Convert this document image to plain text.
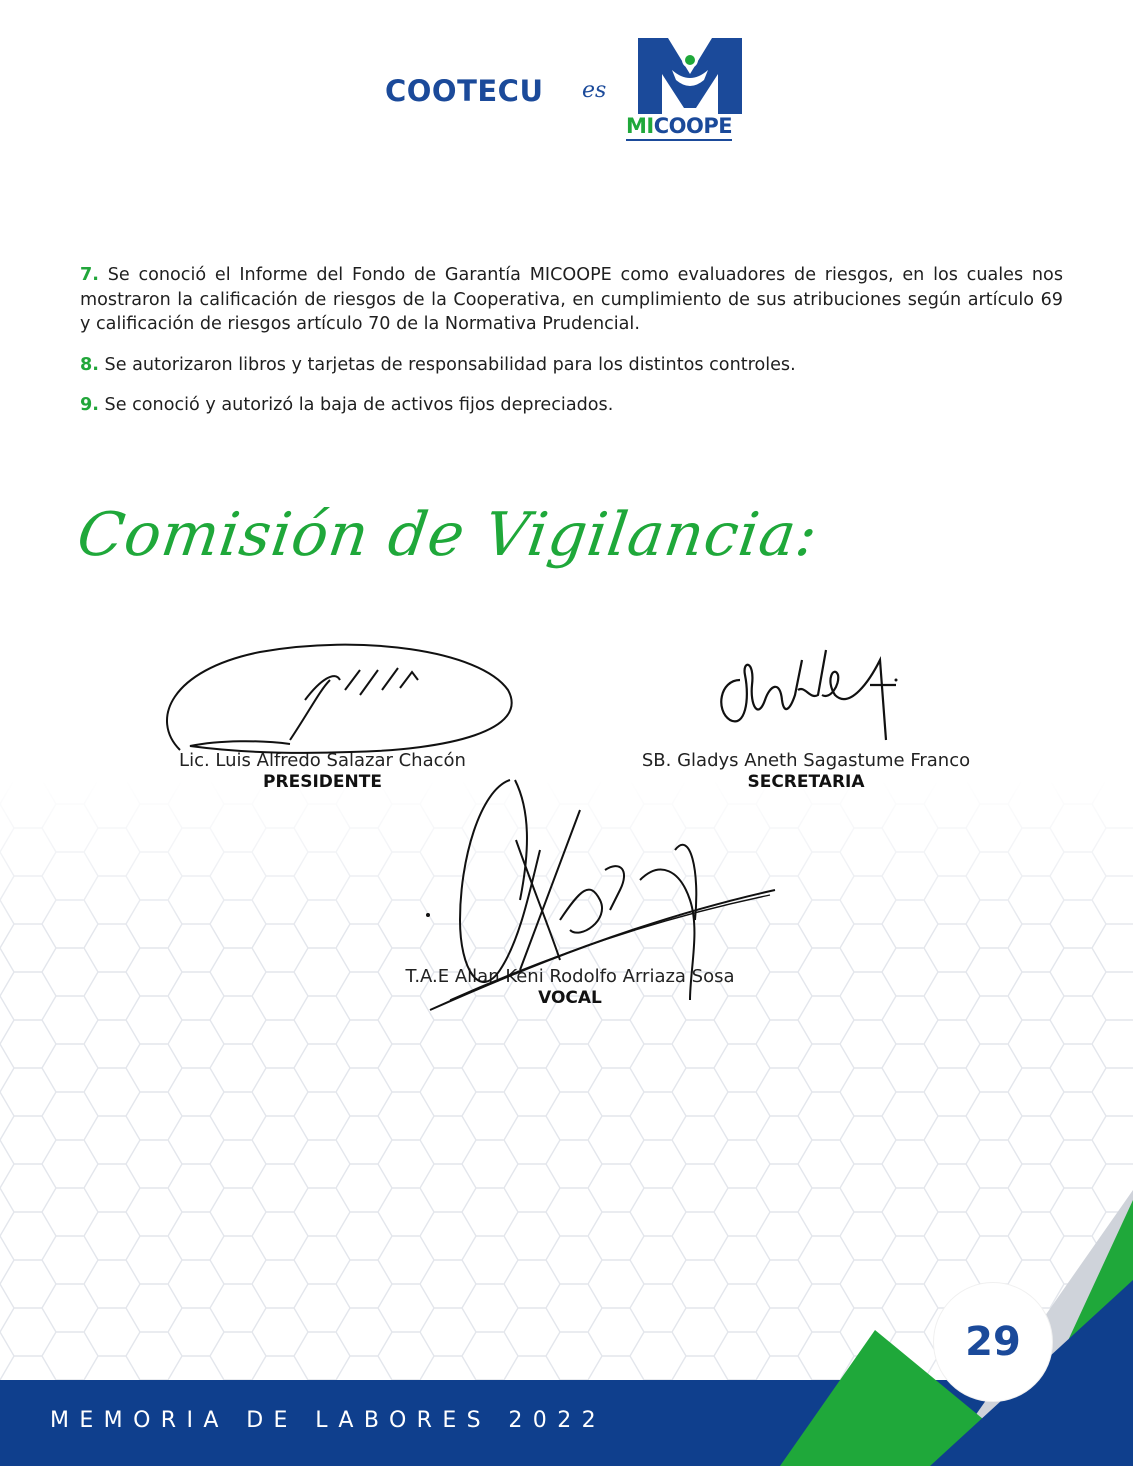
COOTECU es
MICOOPE

7. Se conoció el Informe del Fondo de Garantía MICOOPE como evaluadores de riesgos, en los cuales nos mostraron la calificación de riesgos de la Cooperativa, en cumplimiento de sus atribuciones según artículo 69 y calificación de riesgos artículo 70 de la Normativa Prudencial.

8. Se autorizaron libros y tarjetas de responsabilidad para los distintos controles.

9. Se conoció y autorizó la baja de activos fijos depreciados.

Comisión de Vigilancia:
Lic. Luis Alfredo Salazar Chacón
PRESIDENTE
SB. Gladys Aneth Sagastume Franco
SECRETARIA
T.A.E Allan Keni Rodolfo Arriaza Sosa
VOCAL
MEMORIA DE LABORES 2022
29
